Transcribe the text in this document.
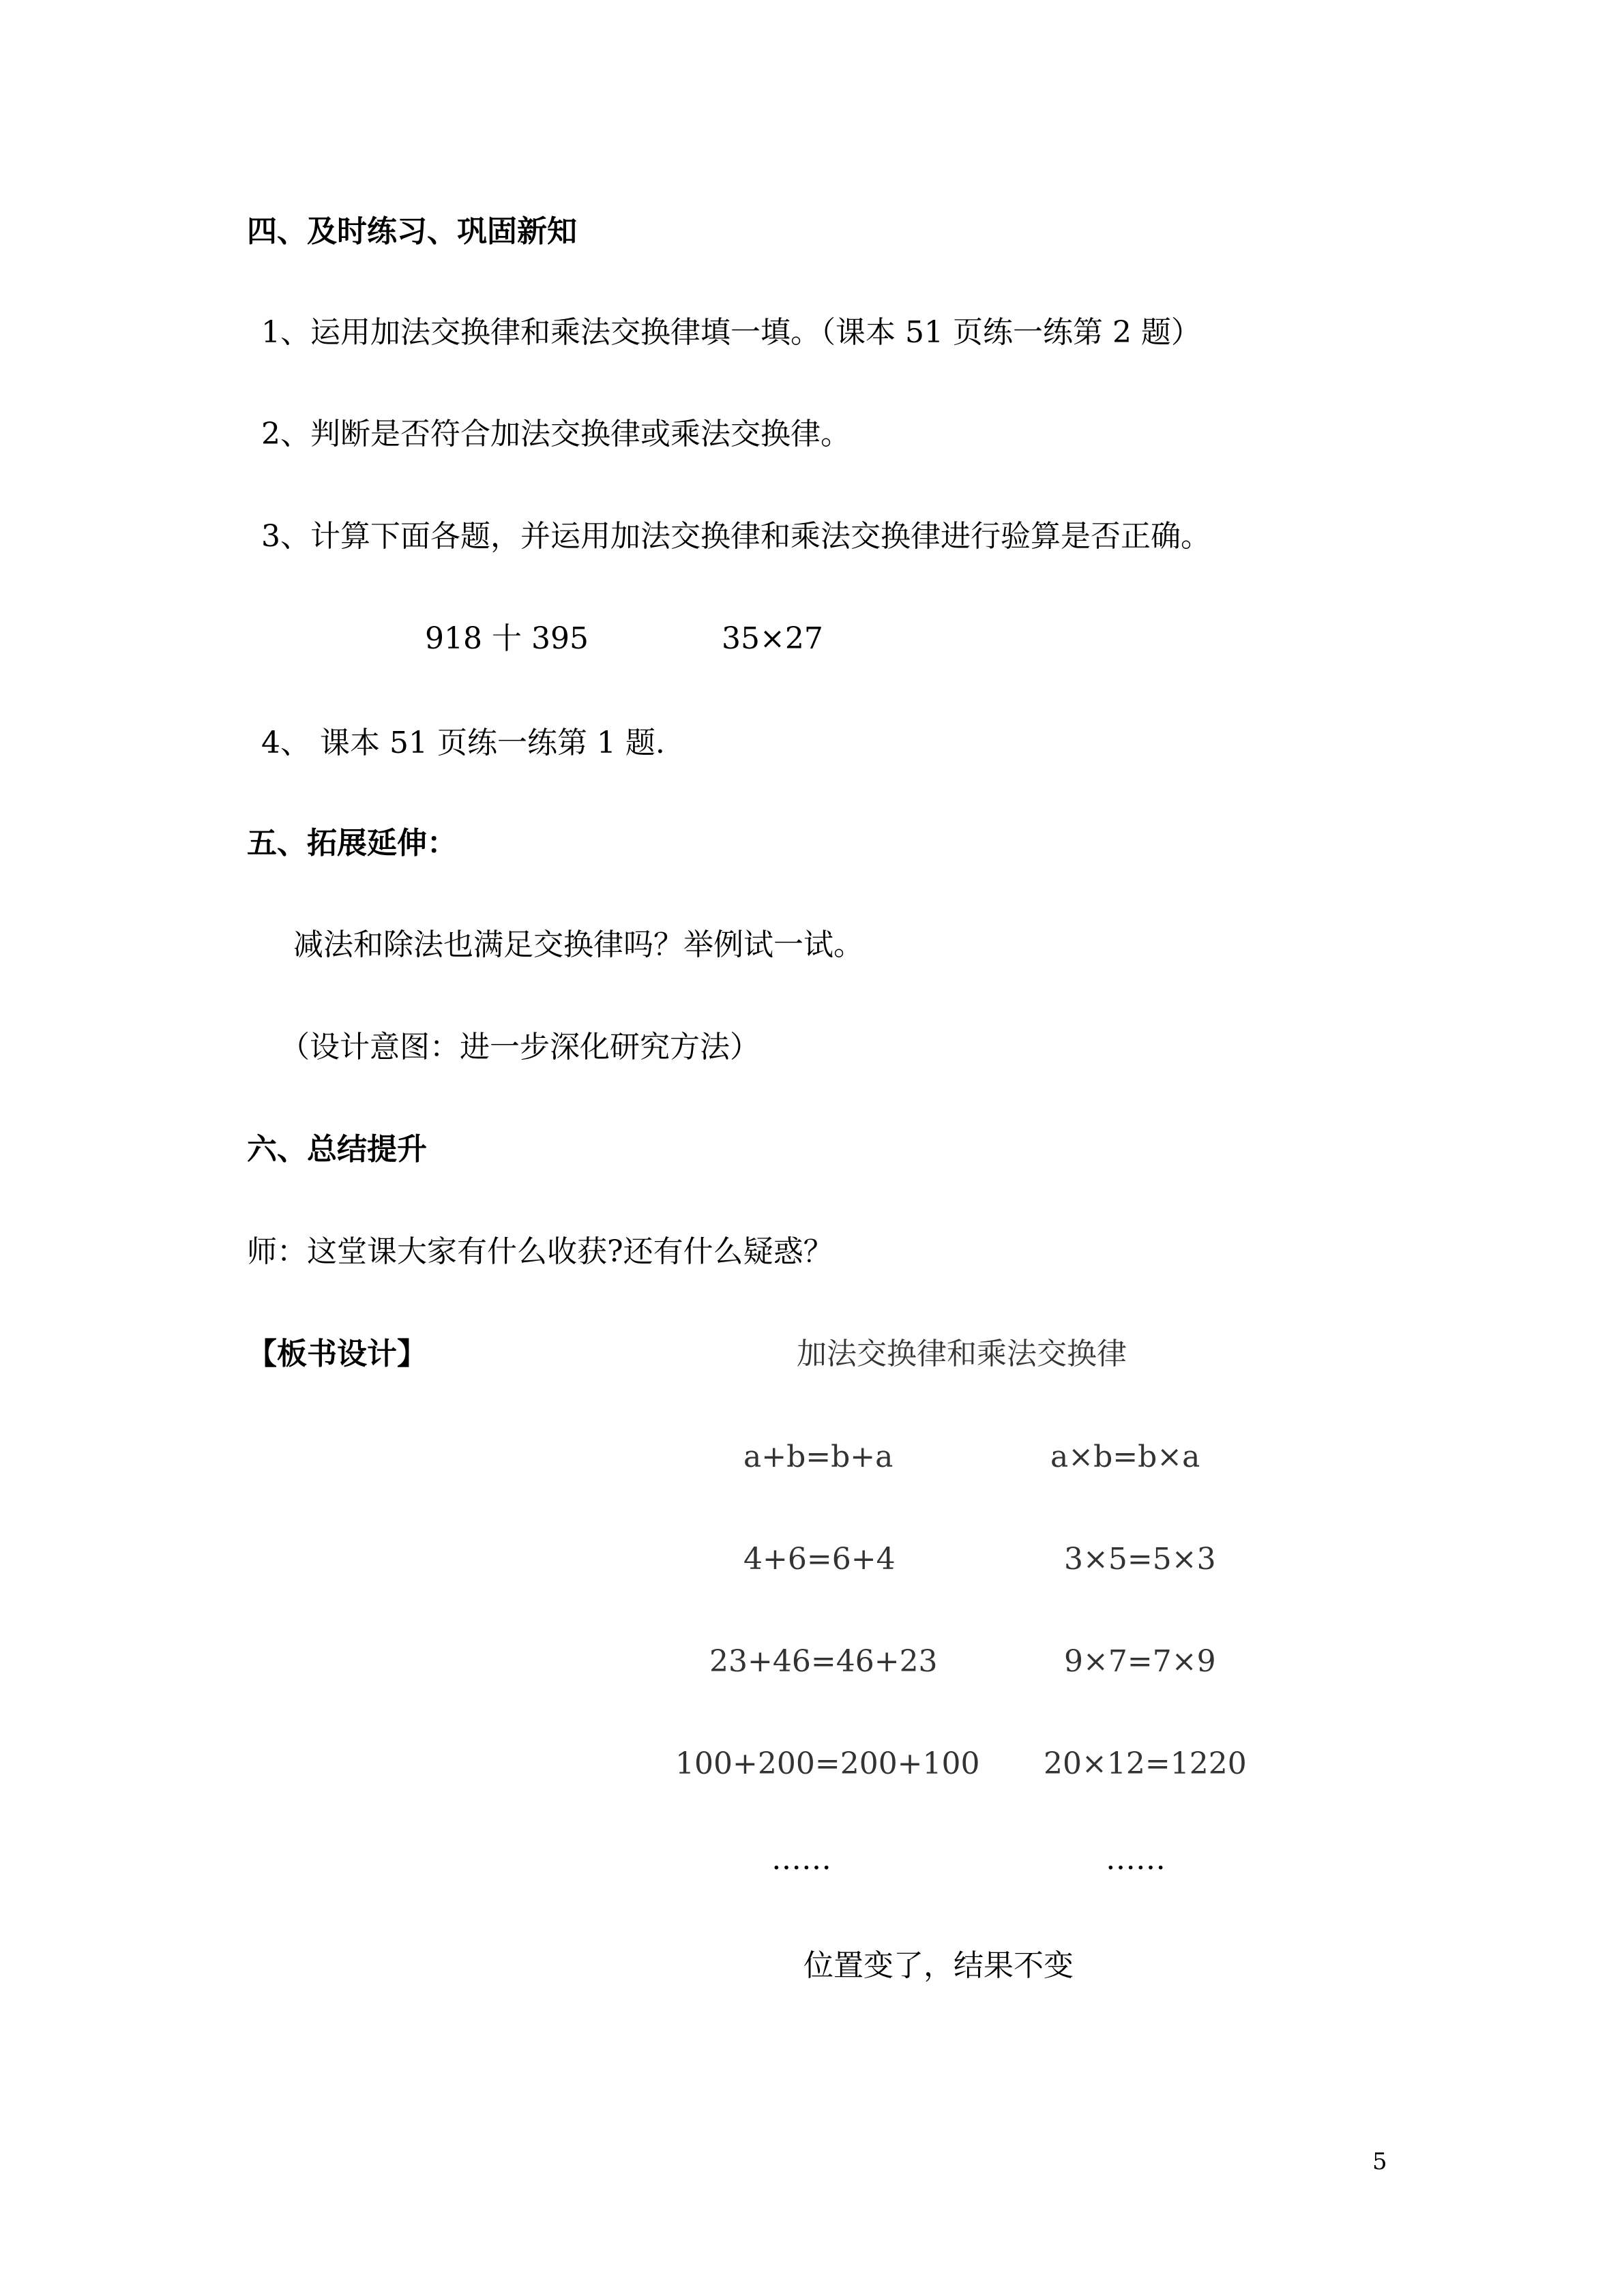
四、及时练习、巩固新知
1、运用加法交换律和乘法交换律填一填。（课本 51 页练一练第 2 题）
2、判断是否符合加法交换律或乘法交换律。
3、计算下面各题，并运用加法交换律和乘法交换律进行验算是否正确。
918 十 395	35×27
4、 课本 51 页练一练第 1 题.
五、拓展延伸：
减法和除法也满足交换律吗？举例试一试。
（设计意图：进一步深化研究方法）
六、总结提升
师：这堂课大家有什么收获?还有什么疑惑？
【板书设计】	加法交换律和乘法交换律
a+b=b+a
4+6=6+4
23+46=46+23
100+200=200+100
……
a×b=b×a
3×5=5×3
9×7=7×9
20×12=1220
……
位置变了，结果不变
5
